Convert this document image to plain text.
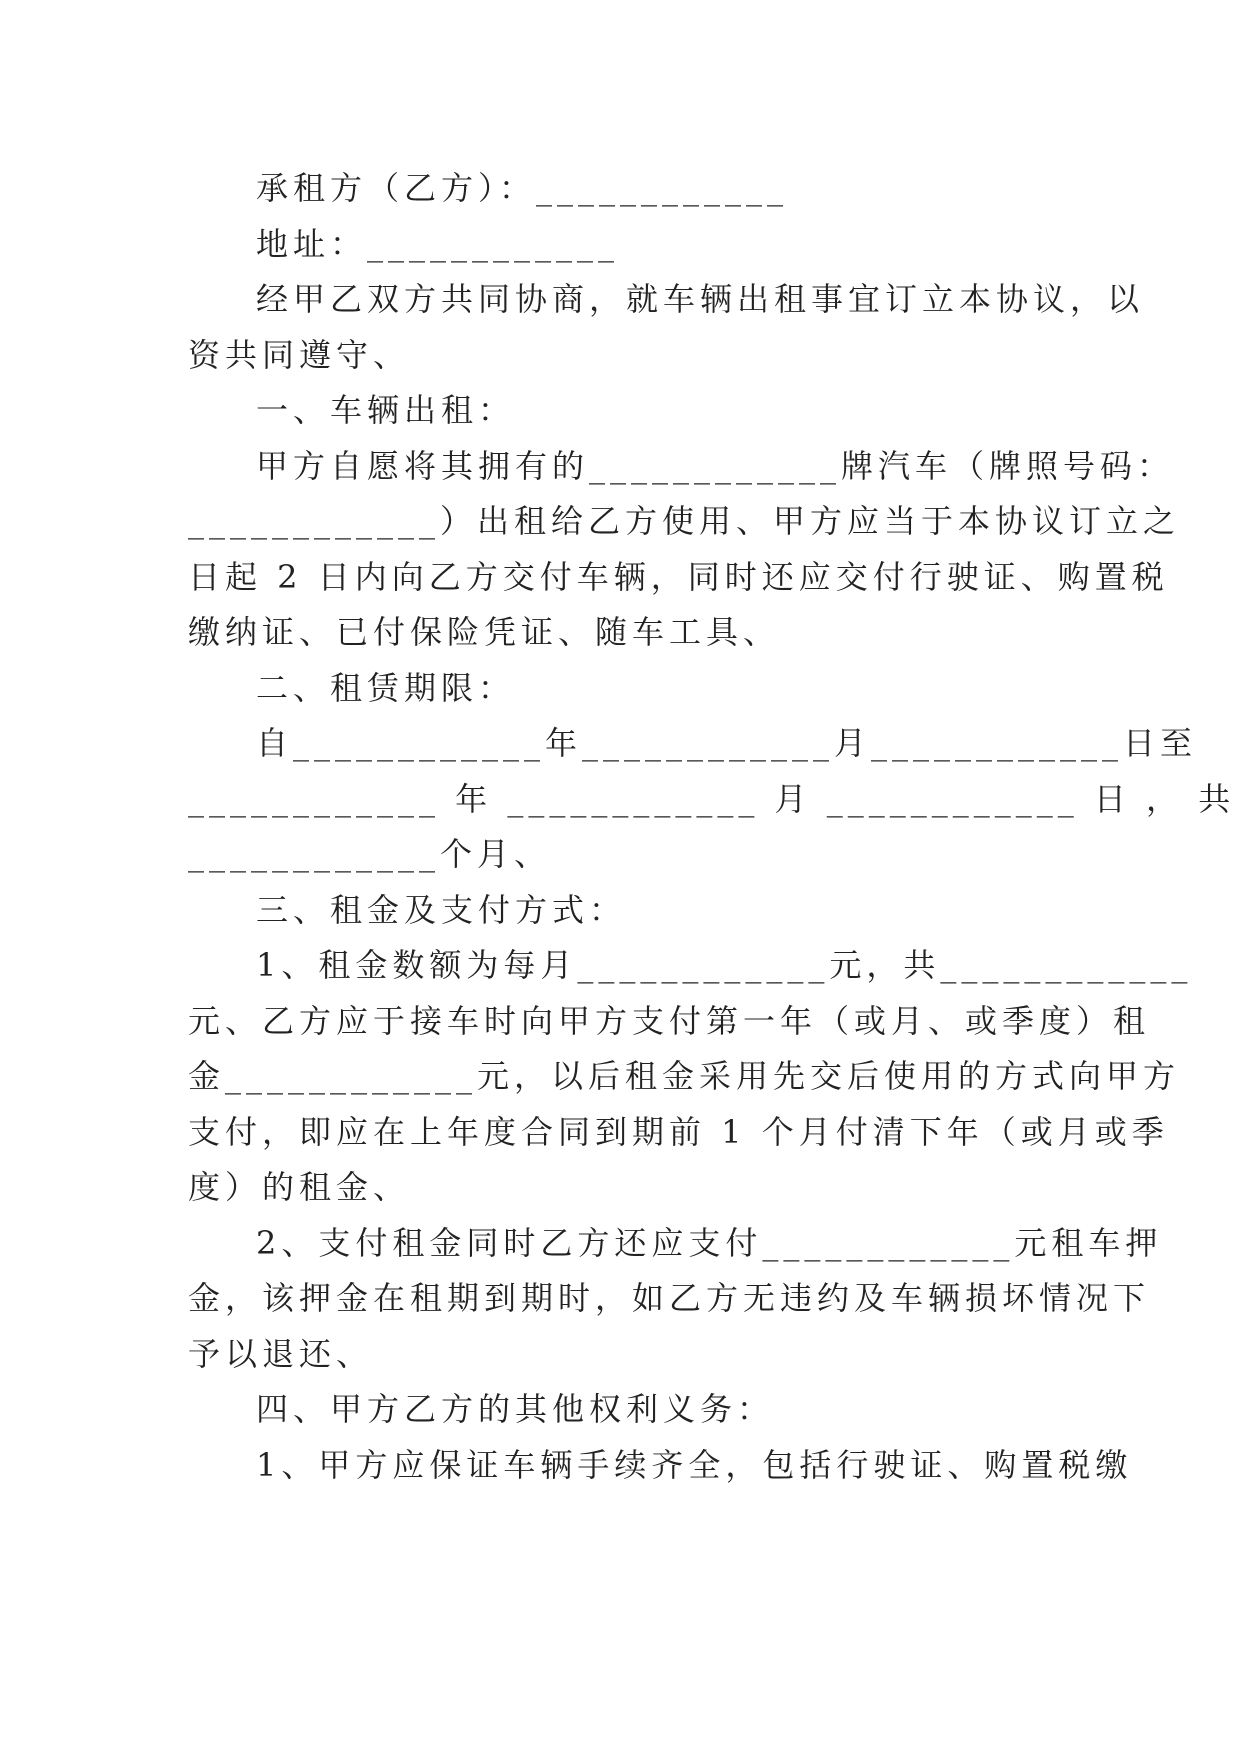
承租方（乙方）：____________
地址：____________
经甲乙双方共同协商，就车辆出租事宜订立本协议，以
资共同遵守、
一、车辆出租：
甲方自愿将其拥有的____________牌汽车（牌照号码：
____________）出租给乙方使用、甲方应当于本协议订立之
日起 2 日内向乙方交付车辆，同时还应交付行驶证、购置税
缴纳证、已付保险凭证、随车工具、
二、租赁期限：
自____________年____________月____________日至
____________ 年 ____________ 月 ____________ 日 ， 共
____________个月、
三、租金及支付方式：
1、租金数额为每月____________元，共____________
元、乙方应于接车时向甲方支付第一年（或月、或季度）租
金____________元，以后租金采用先交后使用的方式向甲方
支付，即应在上年度合同到期前 1 个月付清下年（或月或季
度）的租金、
2、支付租金同时乙方还应支付____________元租车押
金，该押金在租期到期时，如乙方无违约及车辆损坏情况下
予以退还、
四、甲方乙方的其他权利义务：
1、甲方应保证车辆手续齐全，包括行驶证、购置税缴
